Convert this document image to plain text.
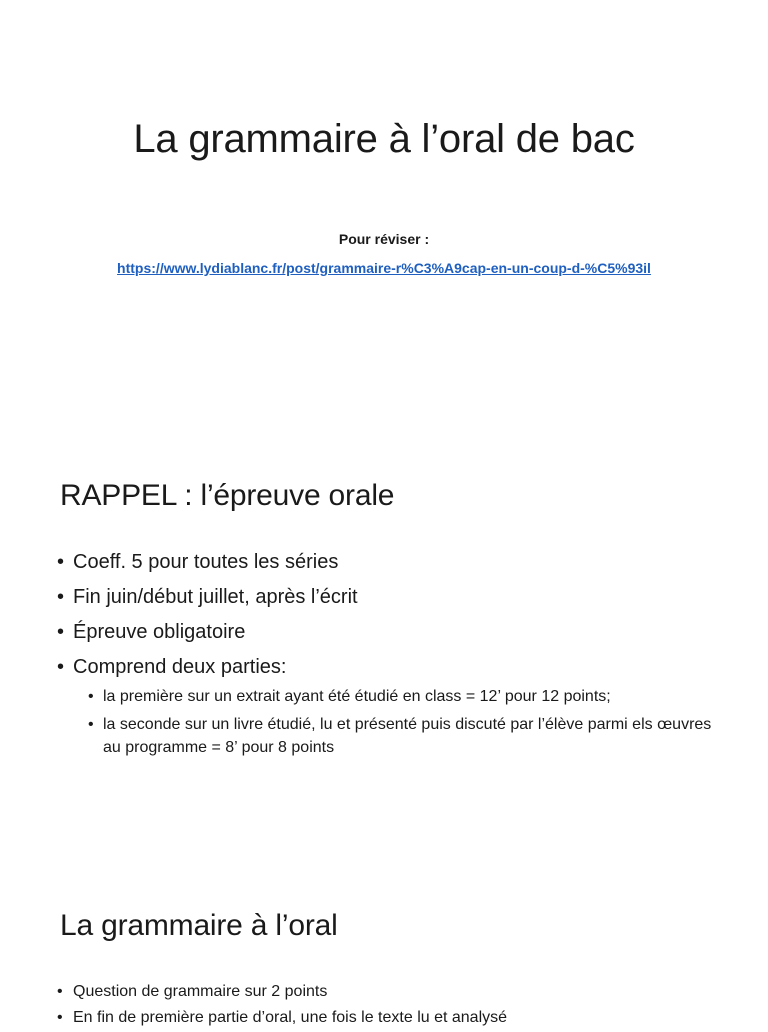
La grammaire à l’oral de bac

Pour réviser :

https://www.lydiablanc.fr/post/grammaire-r%C3%A9cap-en-un-coup-d-%C5%93il
RAPPEL : l’épreuve orale
• Coeff. 5 pour toutes les séries
• Fin juin/début juillet, après l’écrit
• Épreuve obligatoire
• Comprend deux parties:
• la première sur un extrait ayant été étudié en class = 12’ pour 12 points;
• la seconde sur un livre étudié, lu et présenté puis discuté par l’élève parmi els œuvres au programme = 8’ pour 8 points
La grammaire à l’oral
• Question de grammaire sur 2 points
• En fin de première partie d’oral, une fois le texte lu et analysé
